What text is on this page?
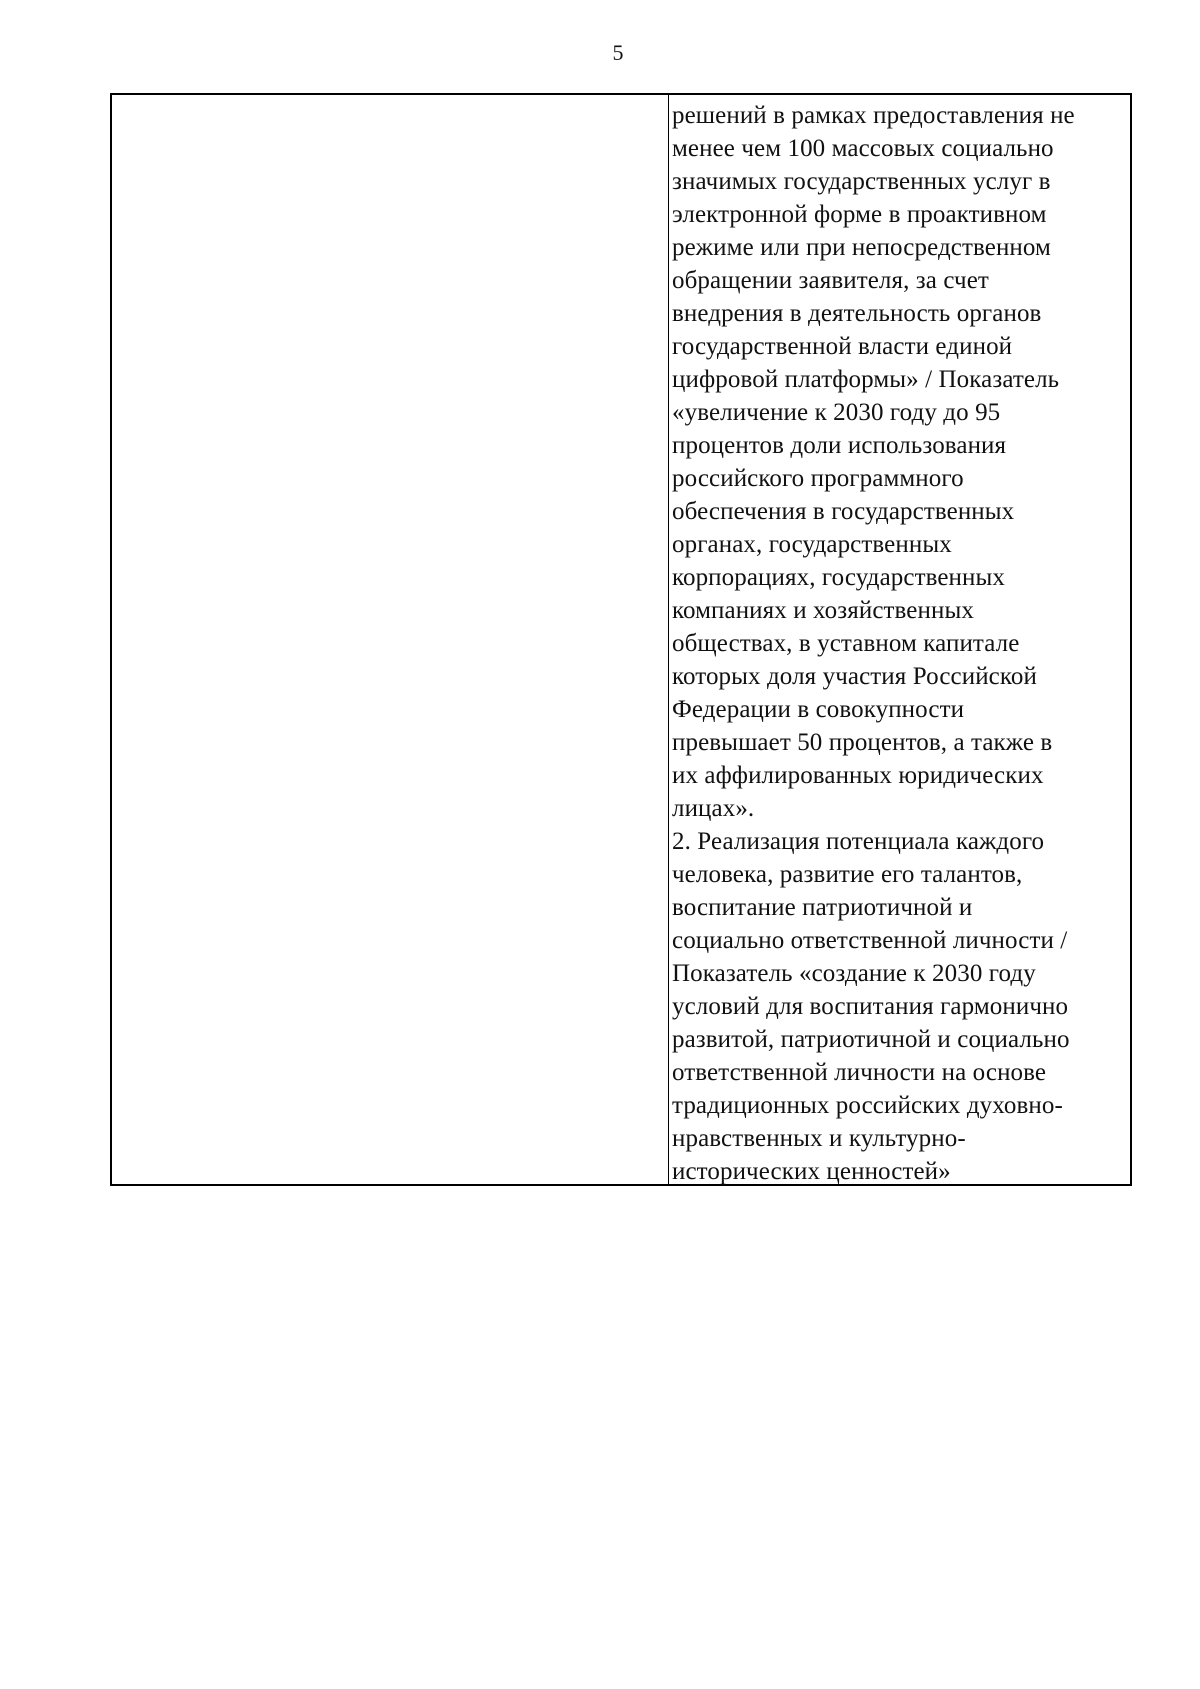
5
решений в рамках предоставления не
менее чем 100 массовых социально
значимых государственных услуг в
электронной форме в проактивном
режиме или при непосредственном
обращении заявителя, за счет
внедрения в деятельность органов
государственной власти единой
цифровой платформы» / Показатель
«увеличение к 2030 году до 95
процентов доли использования
российского программного
обеспечения в государственных
органах, государственных
корпорациях, государственных
компаниях и хозяйственных
обществах, в уставном капитале
которых доля участия Российской
Федерации в совокупности
превышает 50 процентов, а также в
их аффилированных юридических
лицах».
2. Реализация потенциала каждого
человека, развитие его талантов,
воспитание патриотичной и
социально ответственной личности /
Показатель «создание к 2030 году
условий для воспитания гармонично
развитой, патриотичной и социально
ответственной личности на основе
традиционных российских духовно-
нравственных и культурно-
исторических ценностей»
